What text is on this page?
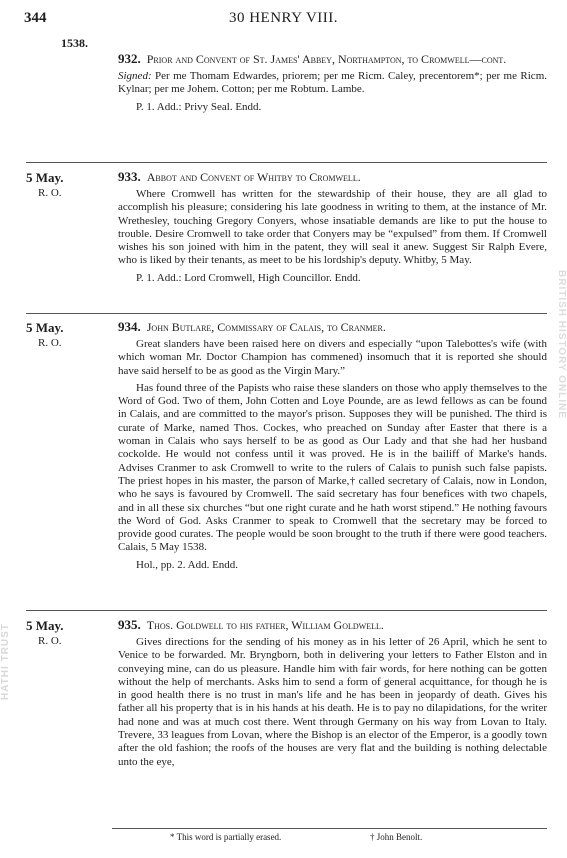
344	30 HENRY VIII.
1538.

932. Prior and Convent of St. James' Abbey, Northampton, to Cromwell—cont.

Signed: Per me Thomam Edwardes, priorem; per me Ricm. Caley, precentorem*; per me Ricm. Kylnar; per me Johem. Cotton; per me Robtum. Lambe.

P. 1. Add.: Privy Seal. Endd.

5 May.
R. O.

933. Abbot and Convent of Whitby to Cromwell.

Where Cromwell has written for the stewardship of their house, they are all glad to accomplish his pleasure; considering his late goodness in writing to them, at the instance of Mr. Wrethesley, touching Gregory Conyers, whose insatiable demands are like to put the house to trouble. Desire Cromwell to take order that Conyers may be “expulsed” from them. If Cromwell wishes his son joined with him in the patent, they will seal it anew. Suggest Sir Ralph Evere, who is liked by their tenants, as meet to be his lordship's deputy. Whitby, 5 May.

P. 1. Add.: Lord Cromwell, High Councillor. Endd.

5 May.
R. O.

934. John Butlare, Commissary of Calais, to Cranmer.

Great slanders have been raised here on divers and especially “upon Talebottes's wife (with which woman Mr. Doctor Champion has commened) insomuch that it is reported she should have said herself to be as good as the Virgin Mary.”

Has found three of the Papists who raise these slanders on those who apply themselves to the Word of God. Two of them, John Cotten and Loye Pounde, are as lewd fellows as can be found in Calais, and are committed to the mayor's prison. Supposes they will be punished. The third is curate of Marke, named Thos. Cockes, who preached on Sunday after Easter that there is a woman in Calais who says herself to be as good as Our Lady and that she had her husband cockolde. He would not confess until it was proved. He is in the bailiff of Marke's hands. Advises Cranmer to ask Cromwell to write to the rulers of Calais to punish such false papists. The priest hopes in his master, the parson of Marke,† called secretary of Calais, now in London, who he says is favoured by Cromwell. The said secretary has four benefices with two chapels, and in all these six churches “but one right curate and he hath worst stipend.” He nothing favours the Word of God. Asks Cranmer to speak to Cromwell that the secretary may be forced to provide good curates. The people would be soon brought to the truth if there were good teachers. Calais, 5 May 1538.

Hol., pp. 2. Add. Endd.

5 May.
R. O.

935. Thos. Goldwell to his father, William Goldwell.

Gives directions for the sending of his money as in his letter of 26 April, which he sent to Venice to be forwarded. Mr. Bryngborn, both in delivering your letters to Father Elston and in conveying mine, can do us pleasure. Handle him with fair words, for here nothing can be gotten without the help of merchants. Asks him to send a form of general acquittance, for though he is in good health there is no trust in man's life and he has been in jeopardy of death. Gives his father all his property that is in his hands at his death. He is to pay no dilapidations, for the writer had none and was at much cost there. Went through Germany on his way from Lovan to Italy. Trevere, 33 leagues from Lovan, where the Bishop is an elector of the Emperor, is a goodly town after the old fashion; the roofs of the houses are very flat and the building is nothing delectable unto the eye,

* This word is partially erased.	† John Benolt.
HATHI TRUST
BRITISH HISTORY ONLINE
